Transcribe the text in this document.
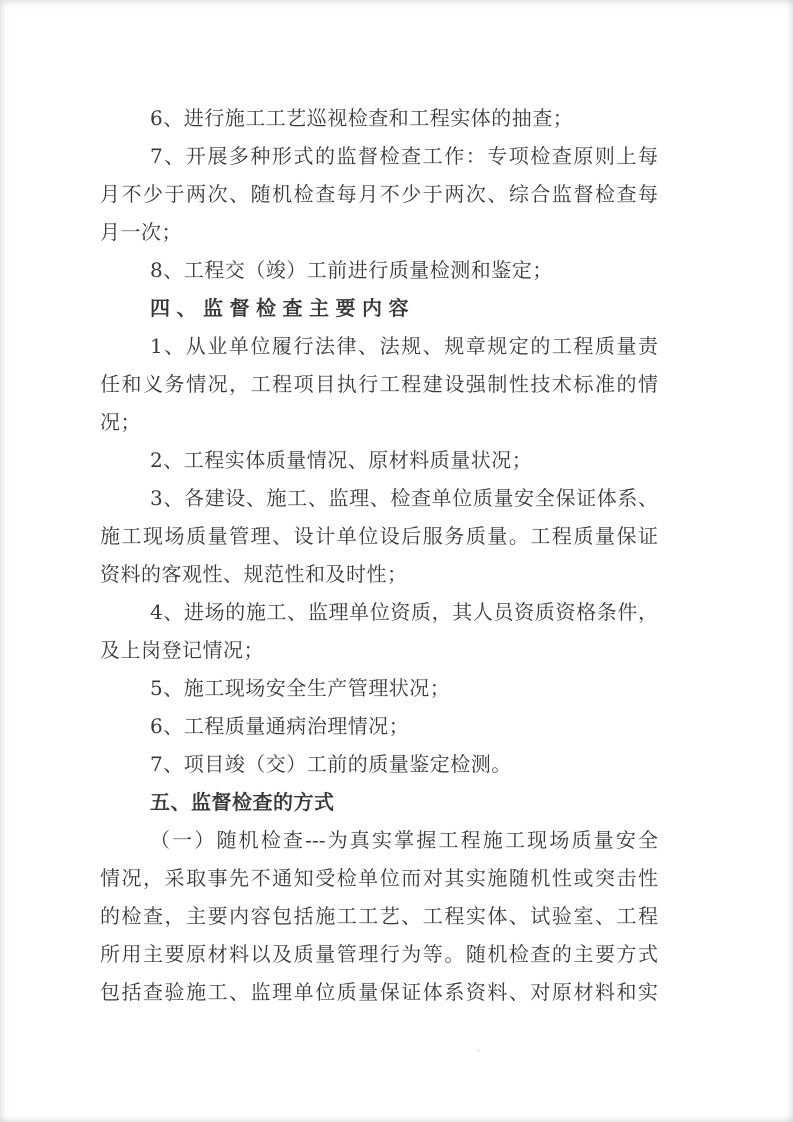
6、进行施工工艺巡视检查和工程实体的抽查；
7、开展多种形式的监督检查工作：专项检查原则上每
月不少于两次、随机检查每月不少于两次、综合监督检查每
月一次；
8、工程交（竣）工前进行质量检测和鉴定；
四、监督检查主要内容
1、从业单位履行法律、法规、规章规定的工程质量责
任和义务情况，工程项目执行工程建设强制性技术标准的情
况；
2、工程实体质量情况、原材料质量状况；
3、各建设、施工、监理、检查单位质量安全保证体系、
施工现场质量管理、设计单位设后服务质量。工程质量保证
资料的客观性、规范性和及时性；
4、进场的施工、监理单位资质，其人员资质资格条件，
及上岗登记情况；
5、施工现场安全生产管理状况；
6、工程质量通病治理情况；
7、项目竣（交）工前的质量鉴定检测。
五、监督检查的方式
（一）随机检查---为真实掌握工程施工现场质量安全
情况，采取事先不通知受检单位而对其实施随机性或突击性
的检查，主要内容包括施工工艺、工程实体、试验室、工程
所用主要原材料以及质量管理行为等。随机检查的主要方式
包括查验施工、监理单位质量保证体系资料、对原材料和实
